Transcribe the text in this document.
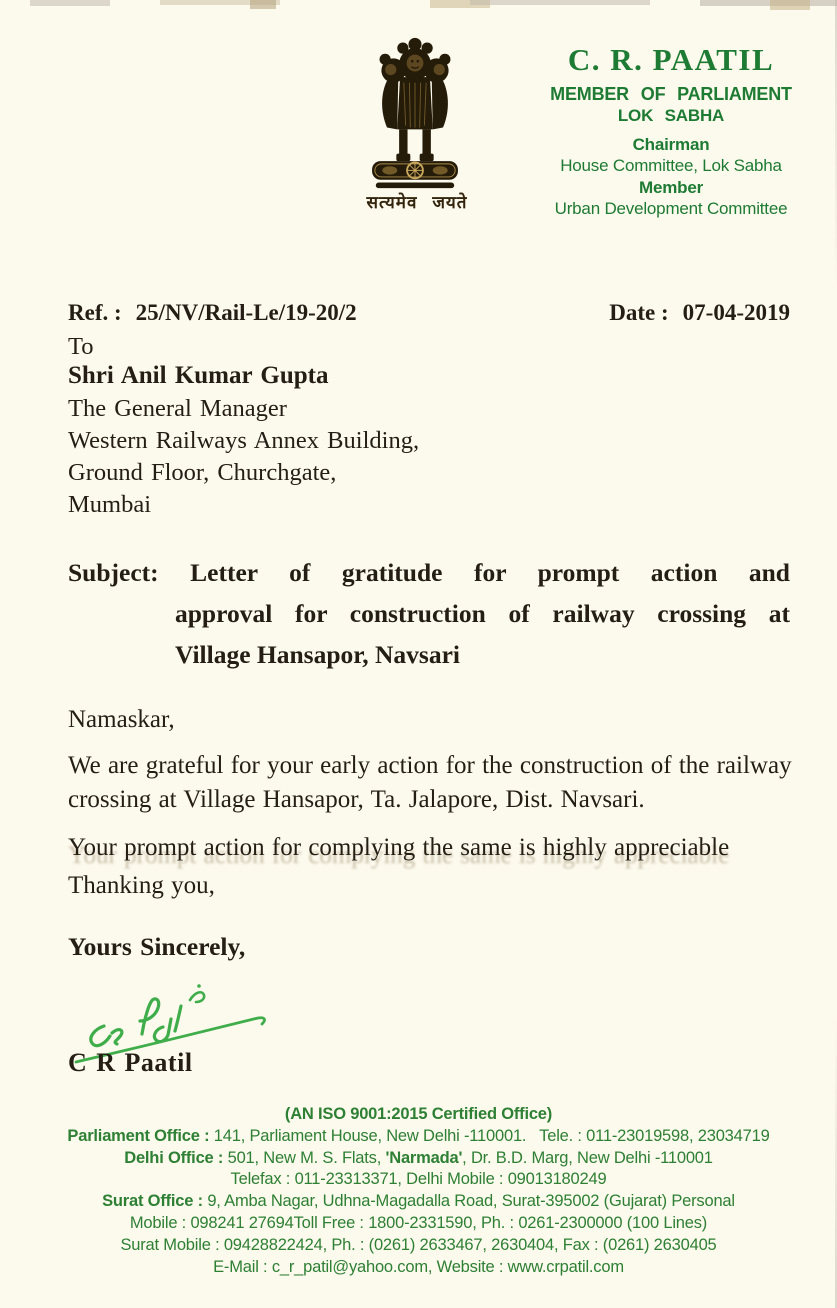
सत्यमेव जयते
C. R. PAATIL
MEMBER OF PARLIAMENT
LOK SABHA
Chairman
House Committee, Lok Sabha
Member
Urban Development Committee
Ref. : 25/NV/Rail-Le/19-20/2	Date : 07-04-2019
To
Shri Anil Kumar Gupta
The General Manager
Western Railways Annex Building,
Ground Floor, Churchgate,
Mumbai
Subject: Letter of gratitude for prompt action and
approval for construction of railway crossing at
Village Hansapor, Navsari
Namaskar,
We are grateful for your early action for the construction of the railway
crossing at Village Hansapor, Ta. Jalapore, Dist. Navsari.
Your prompt action for complying the same is highly appreciable
Thanking you,
Yours Sincerely,
C R Paatil
(AN ISO 9001:2015 Certified Office)
Parliament Office : 141, Parliament House, New Delhi -110001.   Tele. : 011-23019598, 23034719
Delhi Office : 501, New M. S. Flats, 'Narmada', Dr. B.D. Marg, New Delhi -110001
Telefax : 011-23313371, Delhi Mobile : 09013180249
Surat Office : 9, Amba Nagar, Udhna-Magadalla Road, Surat-395002 (Gujarat) Personal
Mobile : 098241 27694Toll Free : 1800-2331590, Ph. : 0261-2300000 (100 Lines)
Surat Mobile : 09428822424, Ph. : (0261) 2633467, 2630404, Fax : (0261) 2630405
E-Mail : c_r_patil@yahoo.com, Website : www.crpatil.com
